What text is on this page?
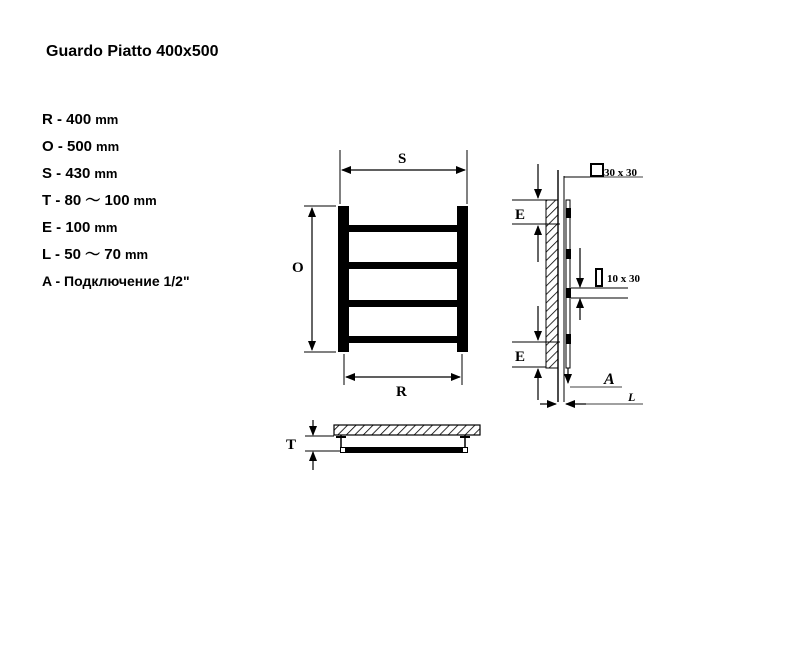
Guardo Piatto 400x500
R - 400 mm
O - 500 mm
S - 430 mm
T - 80 ～ 100 mm
E - 100 mm
L - 50 ～ 70 mm
A - Подключение 1/2"
S
O
R
T
30 x 30
10 x 30
E
E
A
L
